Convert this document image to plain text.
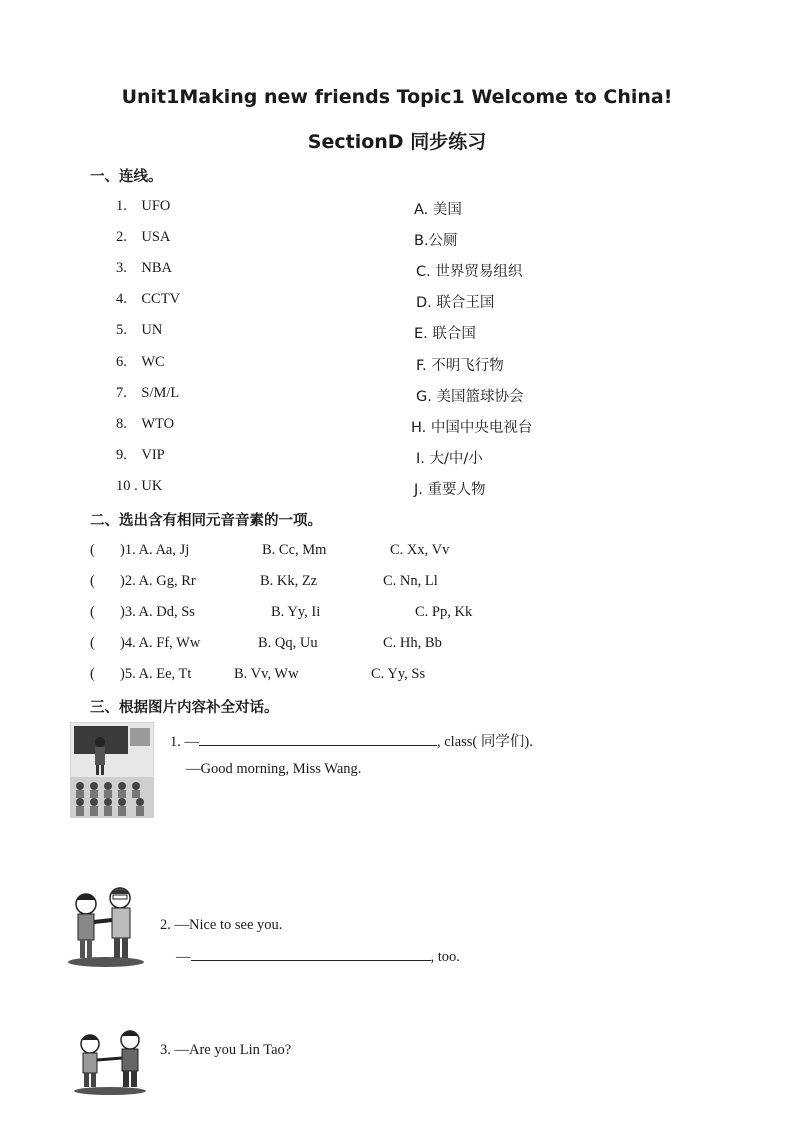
Unit1Making new friends Topic1 Welcome to China!
SectionD 同步练习
一、连线。
1.    UFO
2.    USA
3.    NBA
4.    CCTV
5.    UN
6.    WC
7.    S/M/L
8.    WTO
9.    VIP
10 . UK
A. 美国
B.公厕
C. 世界贸易组织
D. 联合王国
E. 联合国
F. 不明飞行物
G. 美国篮球协会
H. 中国中央电视台
I. 大/中/小
J. 重要人物
二、选出含有相同元音音素的一项。
( )1. A. Aa, Jj	B. Cc, Mm	C. Xx, Vv
( )2. A. Gg, Rr	B. Kk, Zz	C. Nn, Ll
( )3. A. Dd, Ss	B. Yy, Ii	C. Pp, Kk
( )4. A. Ff, Ww	B. Qq, Uu	C. Hh, Bb
( )5. A. Ee, Tt	B. Vv, Ww	C. Yy, Ss
三、根据图片内容补全对话。
1. —	, class( 同学们).
—Good morning, Miss Wang.
2. —Nice to see you.
—	, too.
3. —Are you Lin Tao?
